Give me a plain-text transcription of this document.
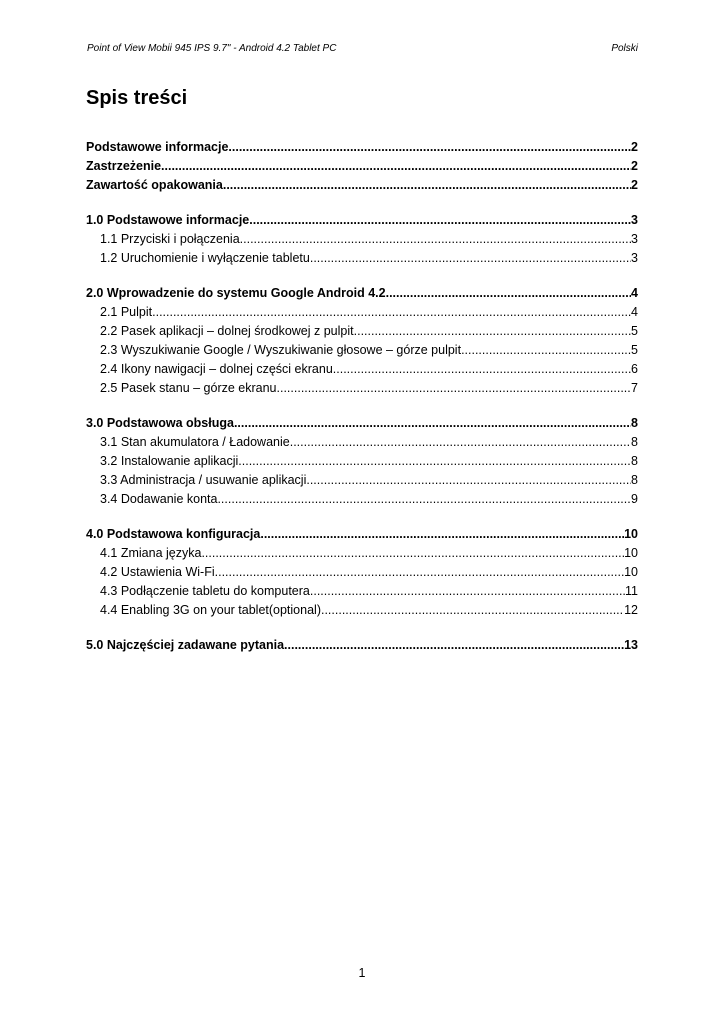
Point of View Mobii 945 IPS 9.7" - Android 4.2 Tablet PC	Polski
Spis treści
Podstawowe informacje .....	2
Zastrzeżenie .....	2
Zawartość opakowania .....	2
1.0 Podstawowe informacje .....	3
1.1 Przyciski i połączenia .....	3
1.2 Uruchomienie i wyłączenie tabletu .....	3
2.0 Wprowadzenie do systemu Google Android 4.2 .....	4
2.1 Pulpit .....	4
2.2 Pasek aplikacji – dolnej środkowej z pulpit .....	5
2.3 Wyszukiwanie Google / Wyszukiwanie głosowe – górze pulpit .....	5
2.4 Ikony nawigacji – dolnej części ekranu .....	6
2.5 Pasek stanu – górze ekranu .....	7
3.0 Podstawowa obsługa .....	8
3.1 Stan akumulatora / Ładowanie .....	8
3.2 Instalowanie aplikacji .....	8
3.3 Administracja / usuwanie aplikacji .....	8
3.4 Dodawanie konta .....	9
4.0 Podstawowa konfiguracja .....	10
4.1 Zmiana języka .....	10
4.2 Ustawienia Wi-Fi .....	10
4.3 Podłączenie tabletu do komputera .....	11
4.4 Enabling 3G on your tablet(optional) .....	12
5.0 Najczęściej zadawane pytania .....	13
1
